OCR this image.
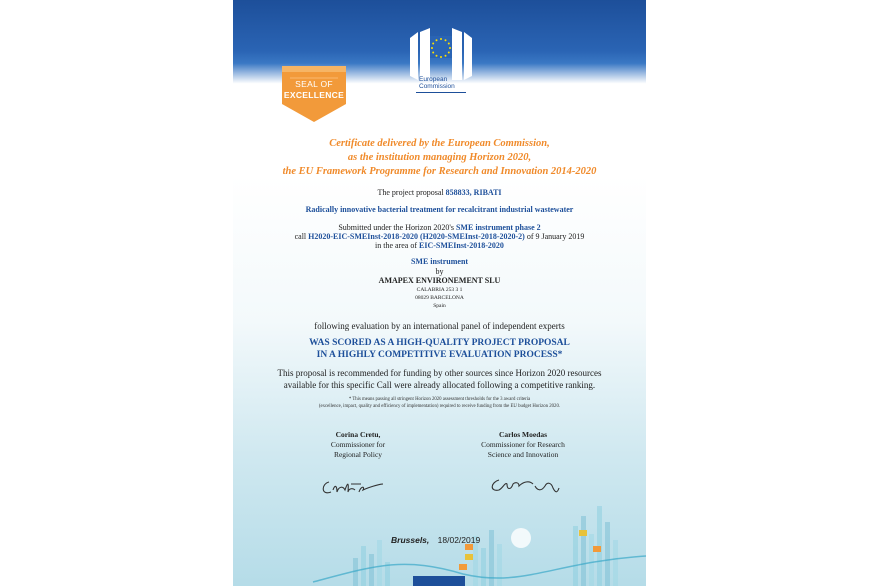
European
Commission
SEAL OF
EXCELLENCE
Certificate delivered by the European Commission,
as the institution managing Horizon 2020,
the EU Framework Programme for Research and Innovation 2014-2020
The project proposal 858833, RIBATI
Radically innovative bacterial treatment for recalcitrant industrial wastewater
Submitted under the Horizon 2020's SME instrument phase 2
call H2020-EIC-SMEInst-2018-2020 (H2020-SMEInst-2018-2020-2) of 9 January 2019
in the area of EIC-SMEInst-2018-2020
SME instrument
by
AMAPEX ENVIRONEMENT SLU
CALABRIA 253 3 1
08029 BARCELONA
Spain
following evaluation by an international panel of independent experts
WAS SCORED AS A HIGH-QUALITY PROJECT PROPOSAL
IN A HIGHLY COMPETITIVE EVALUATION PROCESS*
This proposal is recommended for funding by other sources since Horizon 2020 resources
available for this specific Call were already allocated following a competitive ranking.
* This means passing all stringent Horizon 2020 assessment thresholds for the 3 award criteria
(excellence, impact, quality and efficiency of implementation) required to receive funding from the EU budget Horizon 2020.
Corina Cretu,
Commissioner for
Regional Policy
Carlos Moedas
Commissioner for Research
Science and Innovation
Brussels, 18/02/2019
